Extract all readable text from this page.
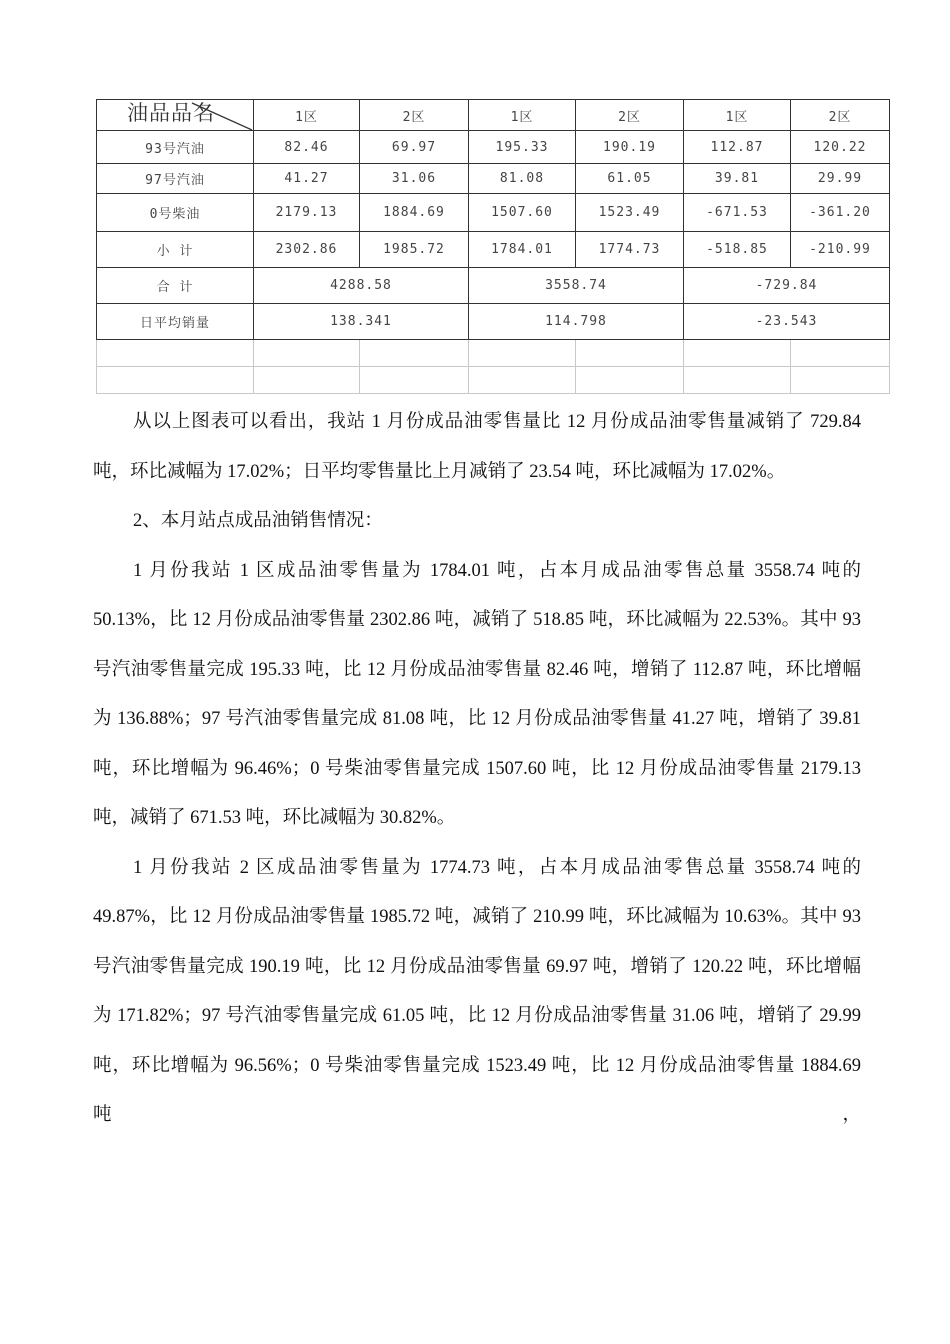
油品品名	1区	2区	1区	2区	1区	2区
93号汽油	82.46	69.97	195.33	190.19	112.87	120.22
97号汽油	41.27	31.06	81.08	61.05	39.81	29.99
0号柴油	2179.13	1884.69	1507.60	1523.49	-671.53	-361.20
小 计	2302.86	1985.72	1784.01	1774.73	-518.85	-210.99
合 计	4288.58		3558.74		-729.84	
日平均销量	138.341		114.798		-23.543	

从以上图表可以看出，我站 1 月份成品油零售量比 12 月份成品油零售量减销了 729.84 吨，环比减幅为 17.02%；日平均零售量比上月减销了 23.54 吨，环比减幅为 17.02%。

2、本月站点成品油销售情况：

1 月份我站 1 区成品油零售量为 1784.01 吨，占本月成品油零售总量 3558.74 吨的 50.13%，比 12 月份成品油零售量 2302.86 吨，减销了 518.85 吨，环比减幅为 22.53%。其中 93 号汽油零售量完成 195.33 吨，比 12 月份成品油零售量 82.46 吨，增销了 112.87 吨，环比增幅为 136.88%；97 号汽油零售量完成 81.08 吨，比 12 月份成品油零售量 41.27 吨，增销了 39.81 吨，环比增幅为 96.46%；0 号柴油零售量完成 1507.60 吨，比 12 月份成品油零售量 2179.13 吨，减销了 671.53 吨，环比减幅为 30.82%。

1 月份我站 2 区成品油零售量为 1774.73 吨，占本月成品油零售总量 3558.74 吨的 49.87%，比 12 月份成品油零售量 1985.72 吨，减销了 210.99 吨，环比减幅为 10.63%。其中 93 号汽油零售量完成 190.19 吨，比 12 月份成品油零售量 69.97 吨，增销了 120.22 吨，环比增幅为 171.82%；97 号汽油零售量完成 61.05 吨，比 12 月份成品油零售量 31.06 吨，增销了 29.99 吨，环比增幅为 96.56%；0 号柴油零售量完成 1523.49 吨，比 12 月份成品油零售量 1884.69 吨，
